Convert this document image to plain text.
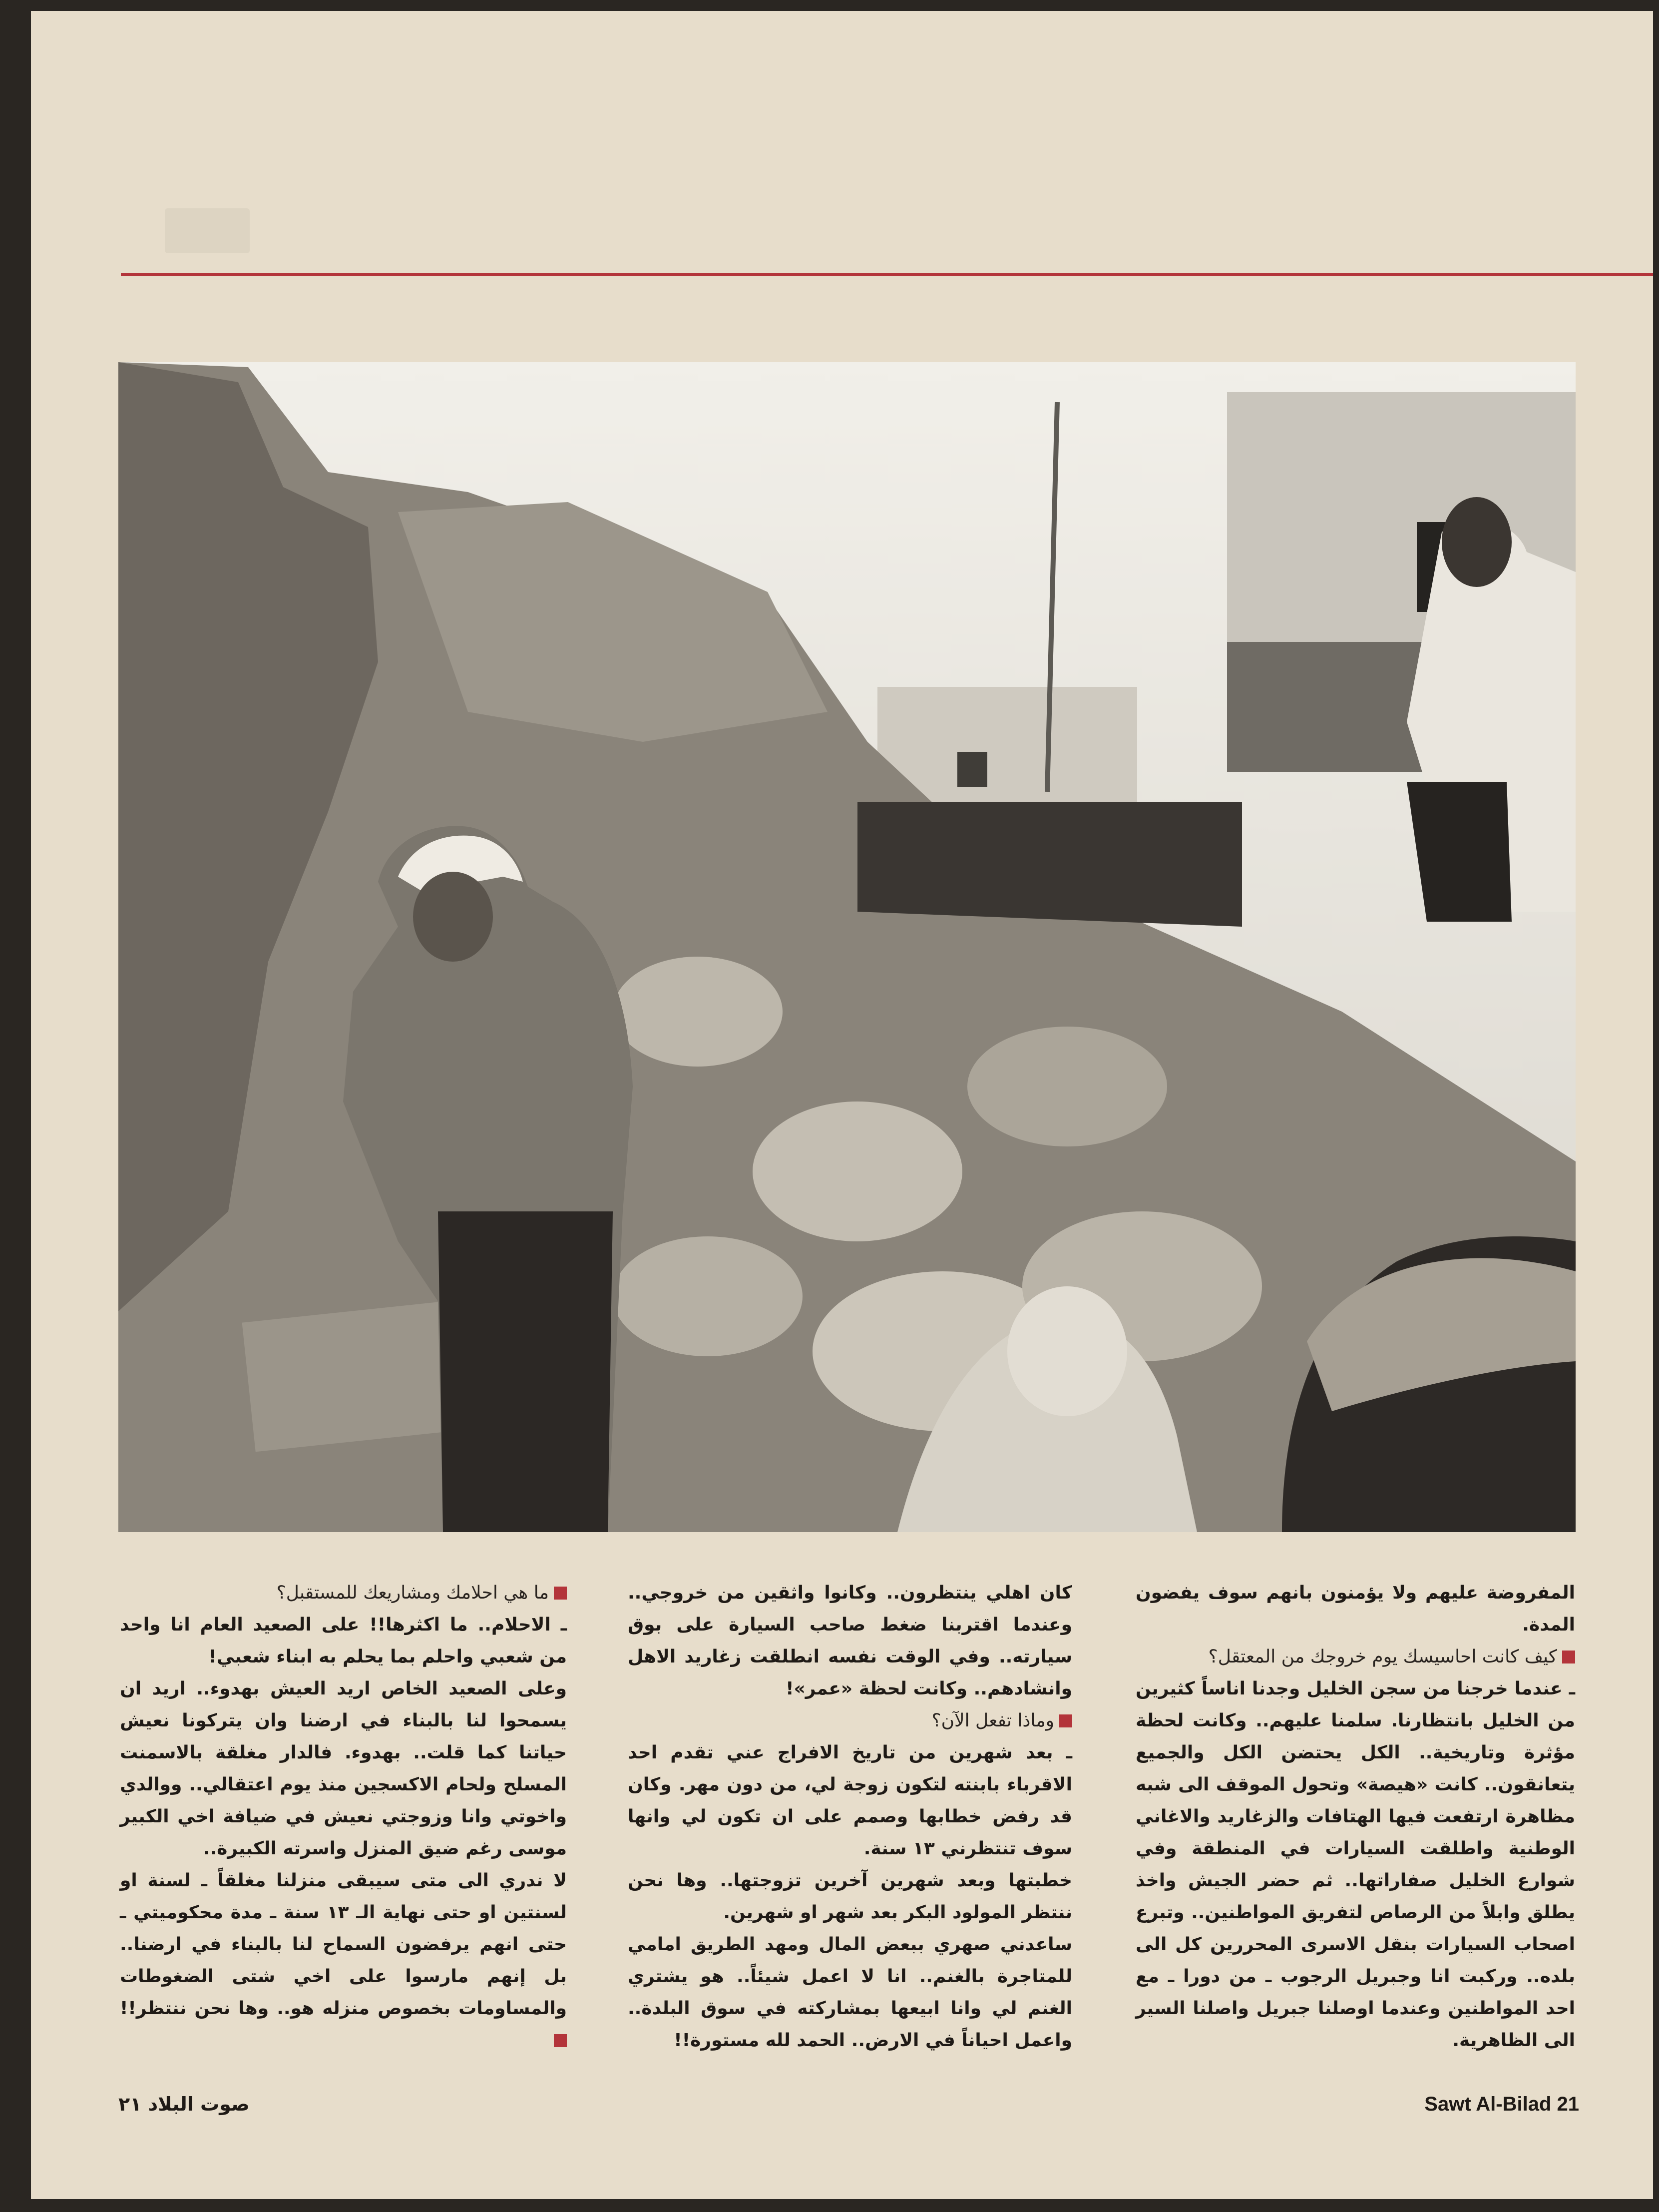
المفروضة عليهم ولا يؤمنون بانهم سوف يفضون المدة.

كيف كانت احاسيسك يوم خروجك من المعتقل؟

ـ عندما خرجنا من سجن الخليل وجدنا اناساً كثيرين من الخليل بانتظارنا. سلمنا عليهم.. وكانت لحظة مؤثرة وتاريخية.. الكل يحتضن الكل والجميع يتعانقون.. كانت «هيصة» وتحول الموقف الى شبه مظاهرة ارتفعت فيها الهتافات والزغاريد والاغاني الوطنية واطلقت السيارات في المنطقة وفي شوارع الخليل صفاراتها.. ثم حضر الجيش واخذ يطلق وابلاً من الرصاص لتفريق المواطنين.. وتبرع اصحاب السيارات بنقل الاسرى المحررين كل الى بلده.. وركبت انا وجبريل الرجوب ـ من دورا ـ مع احد المواطنين وعندما اوصلنا جبريل واصلنا السير الى الظاهرية.

كان اهلي ينتظرون.. وكانوا واثقين من خروجي.. وعندما اقتربنا ضغط صاحب السيارة على بوق سيارته.. وفي الوقت نفسه انطلقت زغاريد الاهل وانشادهم.. وكانت لحظة «عمر»!

وماذا تفعل الآن؟

ـ بعد شهرين من تاريخ الافراج عني تقدم احد الاقرباء بابنته لتكون زوجة لي، من دون مهر. وكان قد رفض خطابها وصمم على ان تكون لي وانها سوف تنتظرني ١٣ سنة.

خطبتها وبعد شهرين آخرين تزوجتها.. وها نحن ننتظر المولود البكر بعد شهر او شهرين.

ساعدني صهري ببعض المال ومهد الطريق امامي للمتاجرة بالغنم.. انا لا اعمل شيئاً.. هو يشتري الغنم لي وانا ابيعها بمشاركته في سوق البلدة.. واعمل احياناً في الارض.. الحمد لله مستورة!!

ما هي احلامك ومشاريعك للمستقبل؟

ـ الاحلام.. ما اكثرها!! على الصعيد العام انا واحد من شعبي واحلم بما يحلم به ابناء شعبي!

وعلى الصعيد الخاص اريد العيش بهدوء.. اريد ان يسمحوا لنا بالبناء في ارضنا وان يتركونا نعيش حياتنا كما قلت.. بهدوء. فالدار مغلقة بالاسمنت المسلح ولحام الاكسجين منذ يوم اعتقالي.. ووالدي واخوتي وانا وزوجتي نعيش في ضيافة اخي الكبير موسى رغم ضيق المنزل واسرته الكبيرة..

لا ندري الى متى سيبقى منزلنا مغلقاً ـ لسنة او لسنتين او حتى نهاية الـ ١٣ سنة ـ مدة محكوميتي ـ حتى انهم يرفضون السماح لنا بالبناء في ارضنا.. بل إنهم مارسوا على اخي شتى الضغوطات والمساومات بخصوص منزله هو.. وها نحن ننتظر!!

صوت البلاد ٢١	Sawt Al-Bilad 21
